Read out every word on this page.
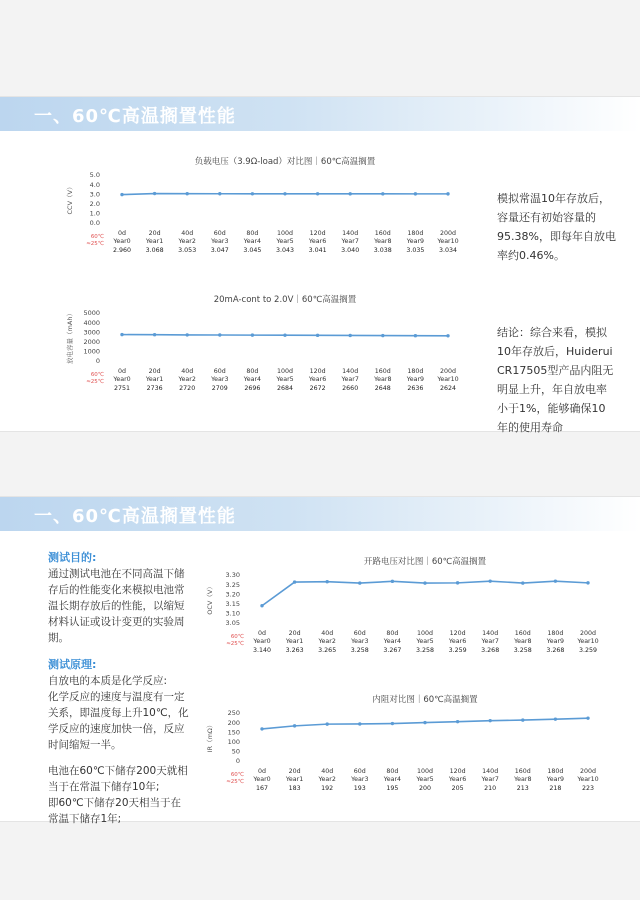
一、60℃高温搁置性能
负载电压（3.9Ω-load）对比图｜60℃高温搁置
CCV（V）
0.0
1.0
2.0
3.0
4.0
5.0
60℃
≈25℃
0d
Year0
2.960
20d
Year1
3.068
40d
Year2
3.053
60d
Year3
3.047
80d
Year4
3.045
100d
Year5
3.043
120d
Year6
3.041
140d
Year7
3.040
160d
Year8
3.038
180d
Year9
3.035
200d
Year10
3.034
20mA-cont to 2.0V｜60℃高温搁置
放电容量（mAh）	0
1000
2000
3000
4000
5000
60℃
≈25℃
0d
Year0
2751
20d
Year1
2736
40d
Year2
2720
60d
Year3
2709
80d
Year4
2696
100d
Year5
2684
120d
Year6
2672
140d
Year7
2660
160d
Year8
2648
180d
Year9
2636
200d
Year10
2624
模拟常温10年存放后，
容量还有初始容量的
95.38%，即每年自放电
率约0.46%。
结论：综合来看，模拟
10年存放后，Huiderui
CR17505型产品内阻无
明显上升，年自放电率
小于1%，能够确保10
年的使用寿命
一、60℃高温搁置性能

测试目的:

通过测试电池在不同高温下储

存后的性能变化来模拟电池常

温长期存放后的性能，以缩短

材料认证或设计变更的实验周

期。

测试原理:

自放电的本质是化学反应:

化学反应的速度与温度有一定

关系，即温度每上升10℃，化

学反应的速度加快一倍，反应

时间缩短一半。

电池在60℃下储存200天就相

当于在常温下储存10年;

即60℃下储存20天相当于在

常温下储存1年;

开路电压对比图｜60℃高温搁置
OCV（V）
3.05
3.10
3.15
3.20
3.25
3.30
60℃
≈25℃
0d
Year0
3.140
20d
Year1
3.263
40d
Year2
3.265
60d
Year3
3.258
80d
Year4
3.267
100d
Year5
3.258
120d
Year6
3.259
140d
Year7
3.268
160d
Year8
3.258
180d
Year9
3.268
200d
Year10
3.259
内阻对比图｜60℃高温搁置
IR（mΩ）
0
50
100
150
200
250
60℃
≈25℃
0d
Year0
167
20d
Year1
183
40d
Year2
192
60d
Year3
193
80d
Year4
195
100d
Year5
200
120d
Year6
205
140d
Year7
210
160d
Year8
213
180d
Year9
218
200d
Year10
223
